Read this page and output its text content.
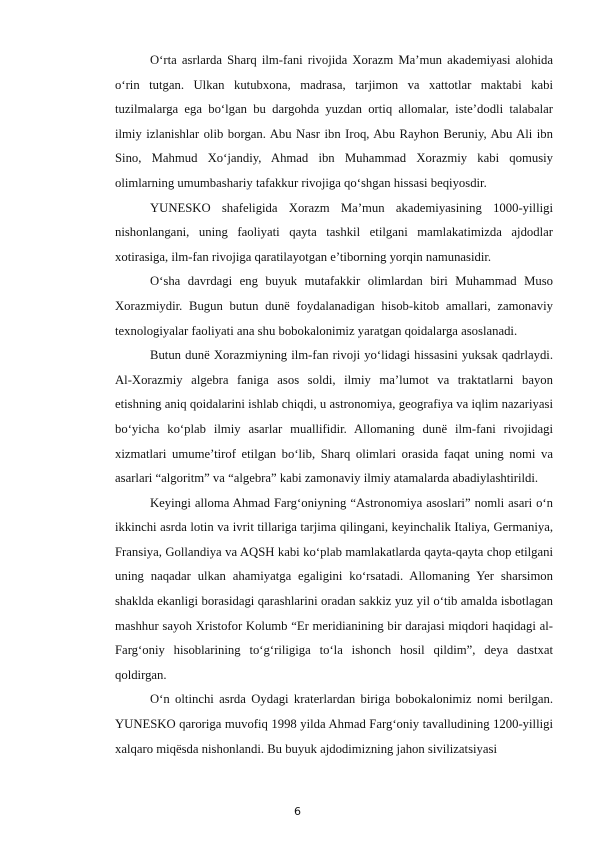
O‘rta asrlarda Sharq ilm-fani rivojida Xorazm Ma’mun akademiyasi alohida o‘rin tutgan. Ulkan kutubxona, madrasa, tarjimon va xattotlar maktabi kabi tuzilmalarga ega bo‘lgan bu dargohda yuzdan ortiq allomalar, iste’dodli talabalar ilmiy izlanishlar olib borgan. Abu Nasr ibn Iroq, Abu Rayhon Beruniy, Abu Ali ibn Sino, Mahmud Xo‘jandiy, Ahmad ibn Muhammad Xorazmiy kabi qomusiy olimlarning umumbashariy tafakkur rivojiga qo‘shgan hissasi beqiyosdir.

YUNESKO shafeligida Xorazm Ma’mun akademiyasining 1000-yilligi nishonlangani, uning faoliyati qayta tashkil etilgani mamlakatimizda ajdodlar xotirasiga, ilm-fan rivojiga qaratilayotgan e’tiborning yorqin namunasidir.

O‘sha davrdagi eng buyuk mutafakkir olimlardan biri Muhammad Muso Xorazmiydir. Bugun butun dunё foydalanadigan hisob-kitob amallari, zamonaviy texnologiyalar faoliyati ana shu bobokalonimiz yaratgan qoidalarga asoslanadi.

Butun dunё Xorazmiyning ilm-fan rivoji yo‘lidagi hissasini yuksak qadrlaydi. Al-Xorazmiy algebra faniga asos soldi, ilmiy ma’lumot va traktatlarni bayon etishning aniq qoidalarini ishlab chiqdi, u astronomiya, geografiya va iqlim nazariyasi bo‘yicha ko‘plab ilmiy asarlar muallifidir. Allomaning dunё ilm-fani rivojidagi xizmatlari umume’tirof etilgan bo‘lib, Sharq olimlari orasida faqat uning nomi va asarlari “algoritm” va “algebra” kabi zamonaviy ilmiy atamalarda abadiylashtirildi.

Keyingi alloma Ahmad Farg‘oniyning “Astronomiya asoslari” nomli asari o‘n ikkinchi asrda lotin va ivrit tillariga tarjima qilingani, keyinchalik Italiya, Germaniya, Fransiya, Gollandiya va AQSH kabi ko‘plab mamlakatlarda qayta-qayta chop etilgani uning naqadar ulkan ahamiyatga egaligini ko‘rsatadi. Allomaning Yer sharsimon shaklda ekanligi borasidagi qarashlarini oradan sakkiz yuz yil o‘tib amalda isbotlagan mashhur sayoh Xristofor Kolumb “Er meridianining bir darajasi miqdori haqidagi al-Farg‘oniy hisoblarining to‘g‘riligiga to‘la ishonch hosil qildim”, deya dastxat qoldirgan.

O‘n oltinchi asrda Oydagi kraterlardan biriga bobokalonimiz nomi berilgan. YUNESKO qaroriga muvofiq 1998 yilda Ahmad Farg‘oniy tavalludining 1200-yilligi xalqaro miqёsda nishonlandi. Bu buyuk ajdodimizning jahon sivilizatsiyasi

6
